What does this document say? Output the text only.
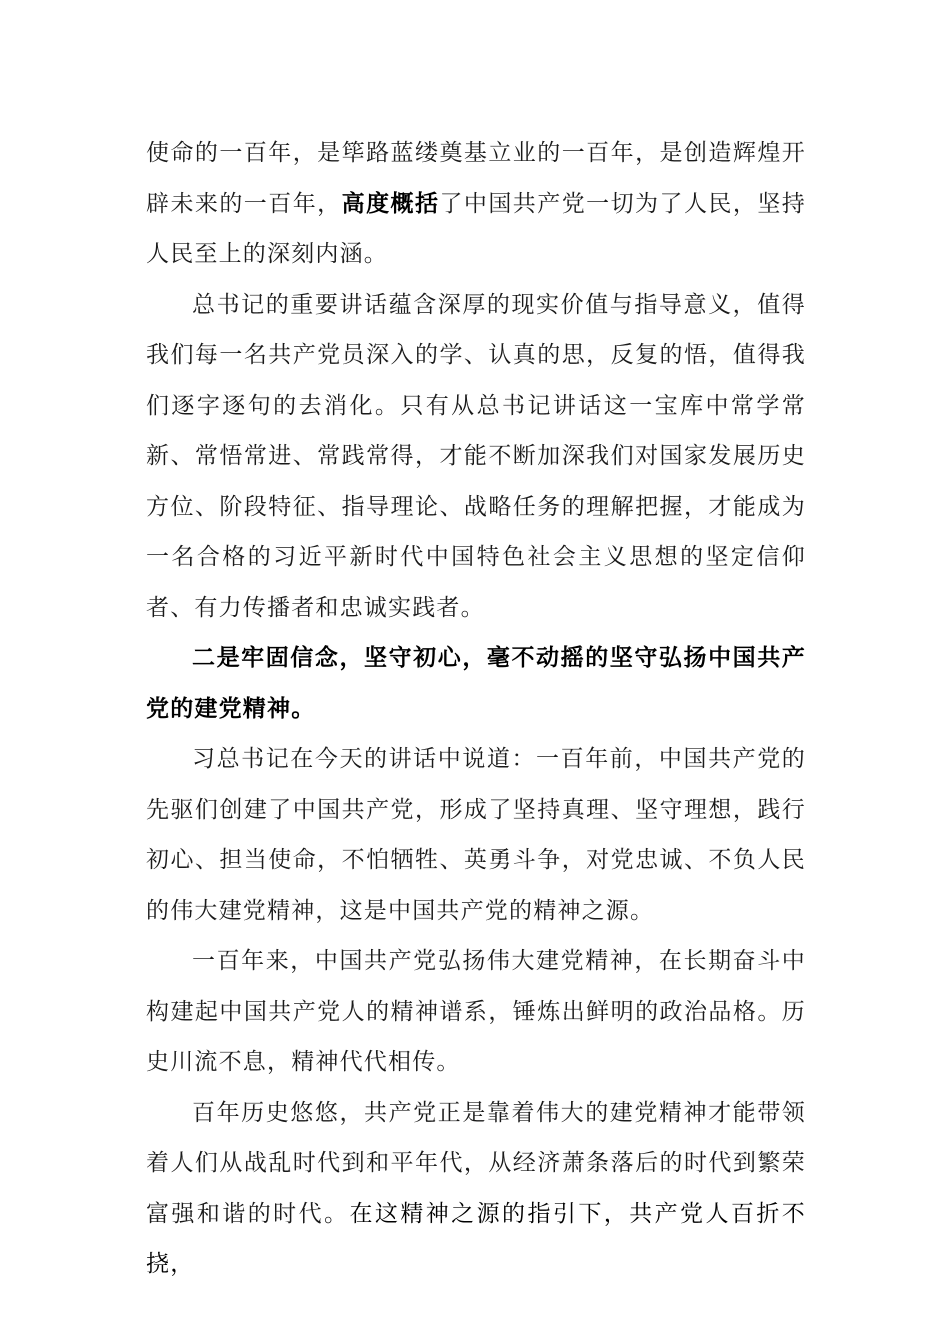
使命的一百年，是筚路蓝缕奠基立业的一百年，是创造辉煌开辟未来的一百年，高度概括了中国共产党一切为了人民，坚持人民至上的深刻内涵。

总书记的重要讲话蕴含深厚的现实价值与指导意义，值得我们每一名共产党员深入的学、认真的思，反复的悟，值得我们逐字逐句的去消化。只有从总书记讲话这一宝库中常学常新、常悟常进、常践常得，才能不断加深我们对国家发展历史方位、阶段特征、指导理论、战略任务的理解把握，才能成为一名合格的习近平新时代中国特色社会主义思想的坚定信仰者、有力传播者和忠诚实践者。

二是牢固信念，坚守初心，毫不动摇的坚守弘扬中国共产党的建党精神。

习总书记在今天的讲话中说道：一百年前，中国共产党的先驱们创建了中国共产党，形成了坚持真理、坚守理想，践行初心、担当使命，不怕牺牲、英勇斗争，对党忠诚、不负人民的伟大建党精神，这是中国共产党的精神之源。

一百年来，中国共产党弘扬伟大建党精神，在长期奋斗中构建起中国共产党人的精神谱系，锤炼出鲜明的政治品格。历史川流不息，精神代代相传。

百年历史悠悠，共产党正是靠着伟大的建党精神才能带领着人们从战乱时代到和平年代，从经济萧条落后的时代到繁荣富强和谐的时代。在这精神之源的指引下，共产党人百折不挠，
